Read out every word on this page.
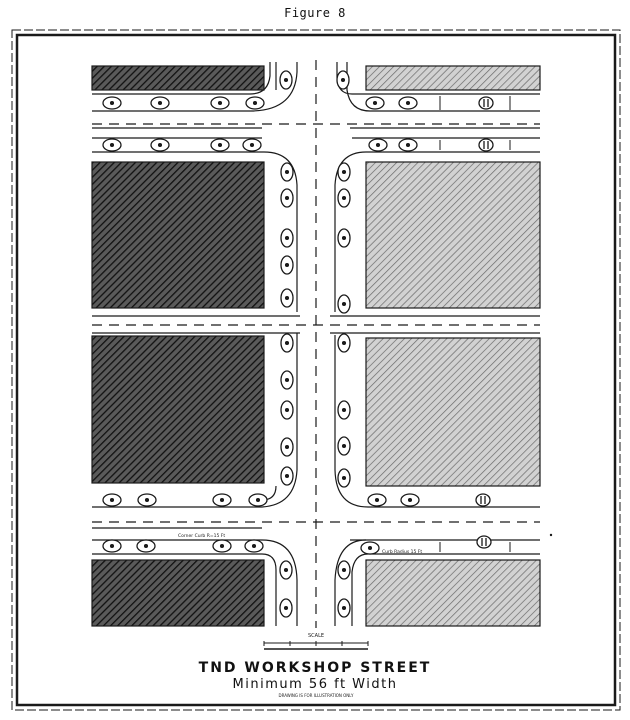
Figure 8
Corner Curb R=15 Ft
Curb Radius 15 Ft
SCALE
DRAWING IS FOR ILLUSTRATION ONLY
TND WORKSHOP STREET
Minimum 56 ft Width
